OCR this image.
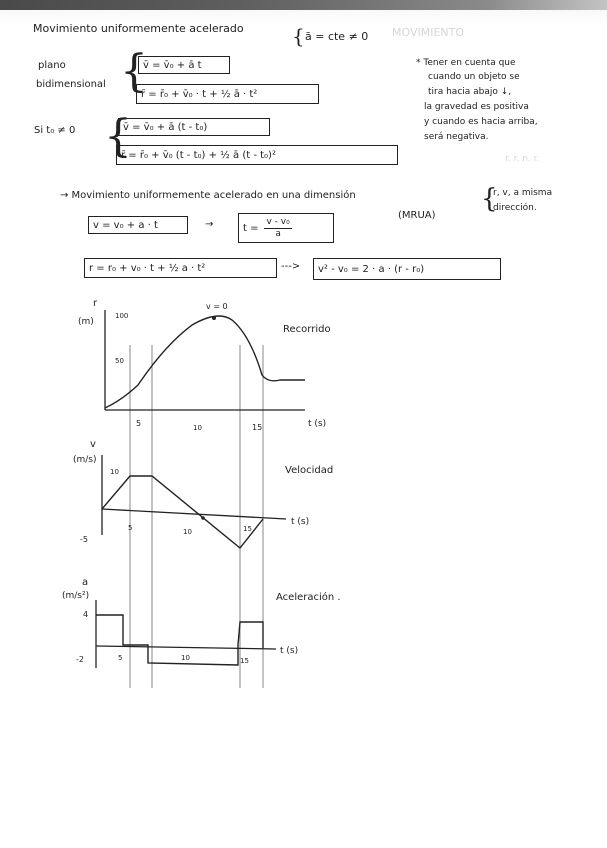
Movimiento uniformemente acelerado { ā = cte ≠ 0 MOVIMIENTO
plano
bidimensional {
v̄ = v̄₀ + ā t
r̄ = r̄₀ + v̄₀ · t + ½ ā · t²
Si t₀ ≠ 0 {
v̄ = v̄₀ + ā (t - t₀)
r̄ = r̄₀ + v̄₀ (t - t₀) + ½ ā (t - t₀)²
* Tener en cuenta que
cuando un objeto se
tira hacia abajo ↓,
la gravedad es positiva
y cuando es hacia arriba,
será negativa.
r. r. n. r.
→ Movimiento uniformemente acelerado en una dimensión
(MRUA)
{
r, v, a misma
dirección.
v = v₀ + a · t	→	$t = \frac{\text{v - v₀}}{a}$
r = r₀ + v₀ · t + ½ a · t²	--->	v² - v₀ = 2 · a · (r - r₀)
r
(m)
100
50
5	10	15	t (s)
v = 0
Recorrido
v
(m/s)
10
-5
5	10	15
t (s)
Velocidad
a
(m/s²)
4
-2	5	10	15
t (s)
Aceleración .
